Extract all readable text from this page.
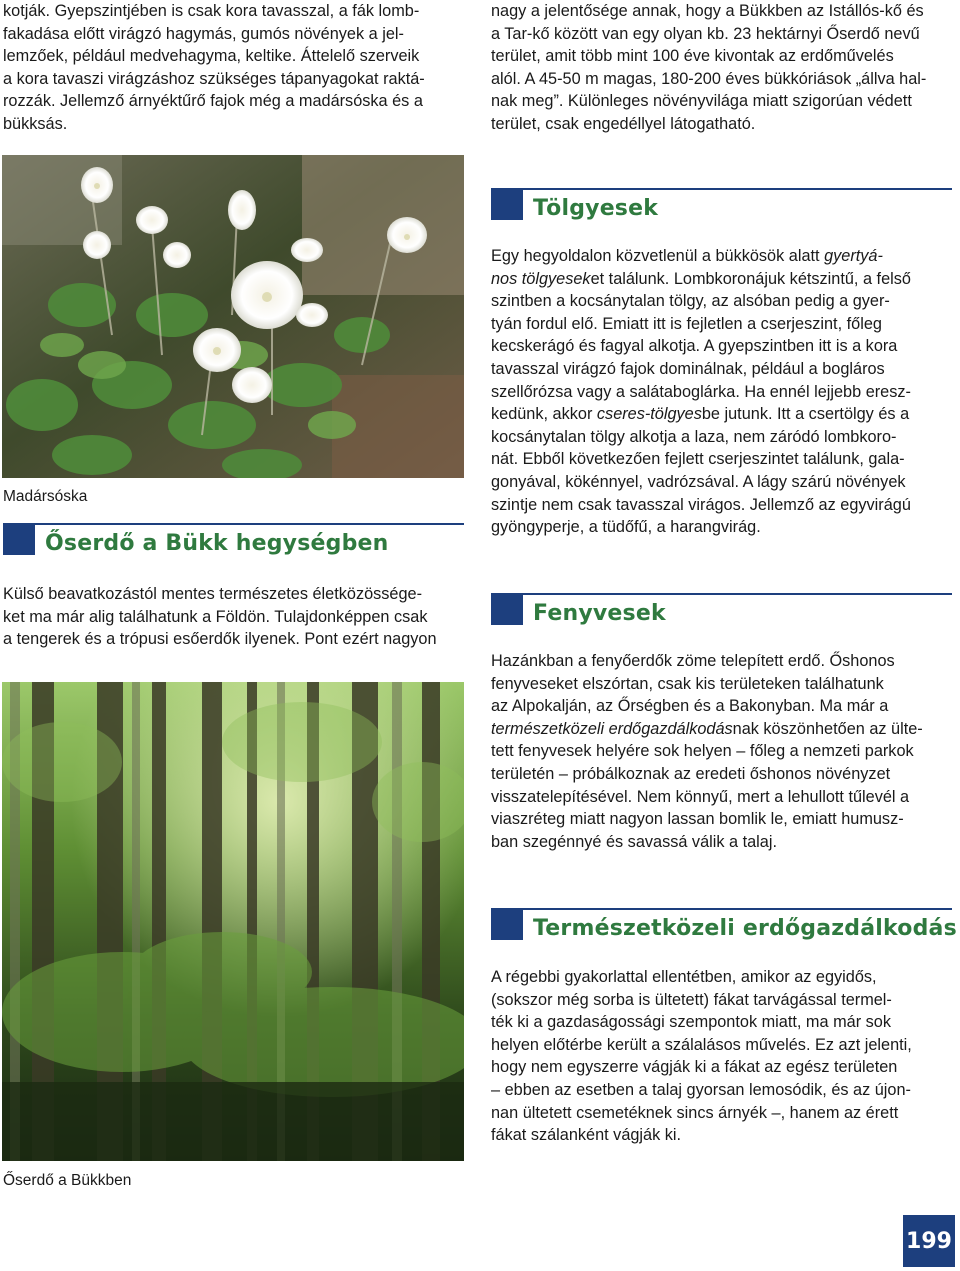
kotják. Gyepszintjében is csak kora tavasszal, a fák lomb-
fakadása előtt virágzó hagymás, gumós növények a jel-
lemzőek, például medvehagyma, keltike. Áttelelő szerveik
a kora tavaszi virágzáshoz szükséges tápanyagokat raktá-
rozzák. Jellemző árnyéktűrő fajok még a madársóska és a
bükksás.
nagy a jelentősége annak, hogy a Bükkben az Istállós-kő és
a Tar-kő között van egy olyan kb. 23 hektárnyi Őserdő nevű
terület, amit több mint 100 éve kivontak az erdőművelés
alól. A 45-50 m magas, 180-200 éves bükkóriások „állva hal-
nak meg”. Különleges növényvilága miatt szigorúan védett
terület, csak engedéllyel látogatható.
Madársóska
Őserdő a Bükk hegységben
Külső beavatkozástól mentes természetes életközössége-
ket ma már alig találhatunk a Földön. Tulajdonképpen csak
a tengerek és a trópusi esőerdők ilyenek. Pont ezért nagyon
Őserdő a Bükkben
Tölgyesek
Egy hegyoldalon közvetlenül a bükkösök alatt gyertyá-
nos tölgyeseket találunk. Lombkoronájuk kétszintű, a felső
szintben a kocsánytalan tölgy, az alsóban pedig a gyer-
tyán fordul elő. Emiatt itt is fejletlen a cserjeszint, főleg
kecskerágó és fagyal alkotja. A gyepszintben itt is a kora
tavasszal virágzó fajok dominálnak, például a bogláros
szellőrózsa vagy a salátaboglárka. Ha ennél lejjebb eresz-
kedünk, akkor cseres-tölgyesbe jutunk. Itt a csertölgy és a
kocsánytalan tölgy alkotja a laza, nem záródó lombkoro-
nát. Ebből következően fejlett cserjeszintet találunk, gala-
gonyával, kökénnyel, vadrózsával. A lágy szárú növények
szintje nem csak tavasszal virágos. Jellemző az egyvirágú
gyöngyperje, a tüdőfű, a harangvirág.
Fenyvesek
Hazánkban a fenyőerdők zöme telepített erdő. Őshonos
fenyveseket elszórtan, csak kis területeken találhatunk
az Alpokalján, az Őrségben és a Bakonyban. Ma már a
természetközeli erdőgazdálkodásnak köszönhetően az ülte-
tett fenyvesek helyére sok helyen – főleg a nemzeti parkok
területén – próbálkoznak az eredeti őshonos növényzet
visszatelepítésével. Nem könnyű, mert a lehullott tűlevél a
viaszréteg miatt nagyon lassan bomlik le, emiatt humusz-
ban szegénnyé és savassá válik a talaj.
Természetközeli erdőgazdálkodás
A régebbi gyakorlattal ellentétben, amikor az egyidős,
(sokszor még sorba is ültetett) fákat tarvágással termel-
ték ki a gazdaságossági szempontok miatt, ma már sok
helyen előtérbe került a szálalásos művelés. Ez azt jelenti,
hogy nem egyszerre vágják ki a fákat az egész területen
– ebben az esetben a talaj gyorsan lemosódik, és az újon-
nan ültetett csemetéknek sincs árnyék –, hanem az érett
fákat szálanként vágják ki.
199
